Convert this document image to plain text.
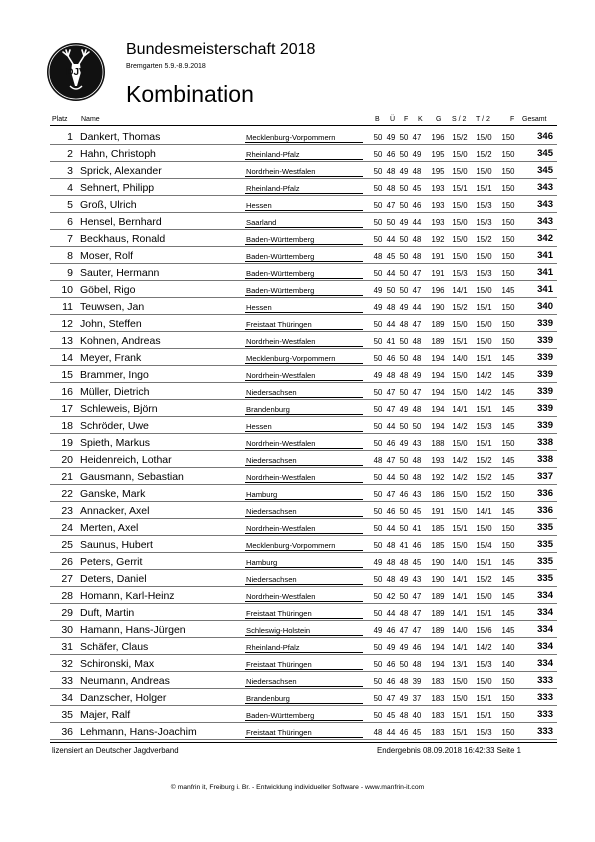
DJV
Bundesmeisterschaft 2018
Bremgarten 5.9.-8.9.2018
Kombination
Platz Name	B Ü F K G S / 2 T / 2	F Gesamt
1 Dankert, Thomas	Mecklenburg-Vorpommern	50 49 50 47	196	15/2	15/0	150	346
2 Hahn, Christoph	Rheinland-Pfalz	50 46 50 49	195	15/0	15/2	150	345
3 Sprick, Alexander	Nordrhein-Westfalen	50 48 49 48	195	15/0	15/0	150	345
4 Sehnert, Philipp	Rheinland-Pfalz	50 48 50 45	193	15/1	15/1	150	343
5 Groß, Ulrich	Hessen	50 47 50 46	193	15/0	15/3	150	343
6 Hensel, Bernhard	Saarland	50 50 49 44	193	15/0	15/3	150	343
7 Beckhaus, Ronald	Baden-Württemberg	50 44 50 48	192	15/0	15/2	150	342
8 Moser, Rolf	Baden-Württemberg	48 45 50 48	191	15/0	15/0	150	341
9 Sauter, Hermann	Baden-Württemberg	50 44 50 47	191	15/3	15/3	150	341
10 Göbel, Rigo	Baden-Württemberg	49 50 50 47	196	14/1	15/0	145	341
11 Teuwsen, Jan	Hessen	49 48 49 44	190	15/2	15/1	150	340
12 John, Steffen	Freistaat Thüringen	50 44 48 47	189	15/0	15/0	150	339
13 Kohnen, Andreas	Nordrhein-Westfalen	50 41 50 48	189	15/1	15/0	150	339
14 Meyer, Frank	Mecklenburg-Vorpommern	50 46 50 48	194	14/0	15/1	145	339
15 Brammer, Ingo	Nordrhein-Westfalen	49 48 48 49	194	15/0	14/2	145	339
16 Müller, Dietrich	Niedersachsen	50 47 50 47	194	15/0	14/2	145	339
17 Schleweis, Björn	Brandenburg	50 47 49 48	194	14/1	15/1	145	339
18 Schröder, Uwe	Hessen	50 44 50 50	194	14/2	15/3	145	339
19 Spieth, Markus	Nordrhein-Westfalen	50 46 49 43	188	15/0	15/1	150	338
20 Heidenreich, Lothar	Niedersachsen	48 47 50 48	193	14/2	15/2	145	338
21 Gausmann, Sebastian	Nordrhein-Westfalen	50 44 50 48	192	14/2	15/2	145	337
22 Ganske, Mark	Hamburg	50 47 46 43	186	15/0	15/2	150	336
23 Annacker, Axel	Niedersachsen	50 46 50 45	191	15/0	14/1	145	336
24 Merten, Axel	Nordrhein-Westfalen	50 44 50 41	185	15/1	15/0	150	335
25 Saunus, Hubert	Mecklenburg-Vorpommern	50 48 41 46	185	15/0	15/4	150	335
26 Peters, Gerrit	Hamburg	49 48 48 45	190	14/0	15/1	145	335
27 Deters, Daniel	Niedersachsen	50 48 49 43	190	14/1	15/2	145	335
28 Homann, Karl-Heinz	Nordrhein-Westfalen	50 42 50 47	189	14/1	15/0	145	334
29 Duft, Martin	Freistaat Thüringen	50 44 48 47	189	14/1	15/1	145	334
30 Hamann, Hans-Jürgen	Schleswig-Holstein	49 46 47 47	189	14/0	15/6	145	334
31 Schäfer, Claus	Rheinland-Pfalz	50 49 49 46	194	14/1	14/2	140	334
32 Schironski, Max	Freistaat Thüringen	50 46 50 48	194	13/1	15/3	140	334
33 Neumann, Andreas	Niedersachsen	50 46 48 39	183	15/0	15/0	150	333
34 Danzscher, Holger	Brandenburg	50 47 49 37	183	15/0	15/1	150	333
35 Majer, Ralf	Baden-Württemberg	50 45 48 40	183	15/1	15/1	150	333
36 Lehmann, Hans-Joachim	Freistaat Thüringen	48 44 46 45	183	15/1	15/3	150	333
lizensiert an Deutscher Jagdverband	Endergebnis 08.09.2018 16:42:33 Seite 1
© manfrin it, Freiburg i. Br. - Entwicklung individueller Software - www.manfrin-it.com
